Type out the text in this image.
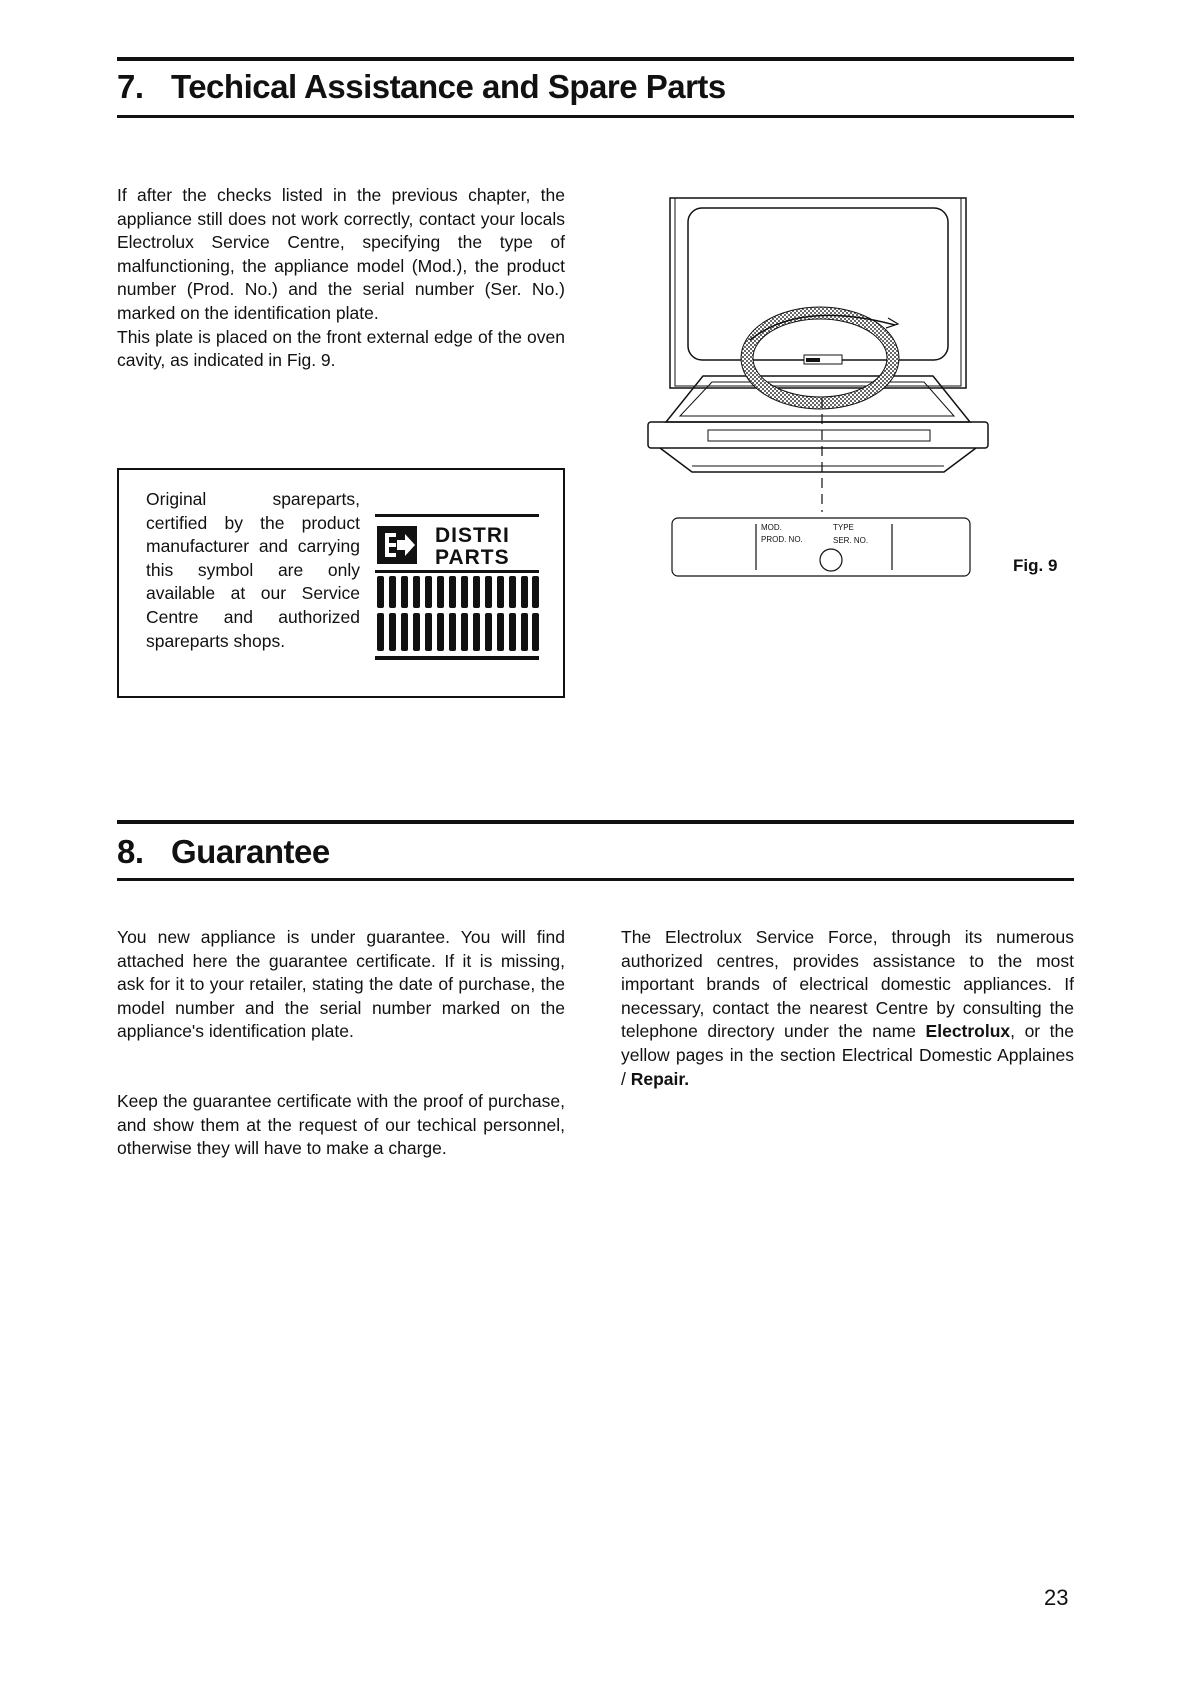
7. Techical Assistance and Spare Parts

If after the checks listed in the previous chapter, the appliance still does not work correctly, contact your locals Electrolux Service Centre, specifying the type of malfunctioning, the appliance model (Mod.), the product number (Prod. No.) and the serial number (Ser. No.) marked on the identification plate.

This plate is placed on the front external edge of the oven cavity, as indicated in Fig. 9.

Original spareparts, certified by the product manufacturer and carrying this symbol are only available at our Service Centre and authorized spareparts shops.

DISTRI
PARTS
MOD.
PROD. NO.
TYPE
SER. NO.

Fig. 9

8. Guarantee

You new appliance is under guarantee. You will find attached here the guarantee certificate. If it is missing, ask for it to your retailer, stating the date of purchase, the model number and the serial number marked on the appliance's identification plate.

Keep the guarantee certificate with the proof of purchase, and show them at the request of our techical personnel, otherwise they will have to make a charge.

The Electrolux Service Force, through its numerous authorized centres, provides assistance to the most important brands of electrical domestic appliances. If necessary, contact the nearest Centre by consulting the telephone directory under the name Electrolux, or the yellow pages in the section Electrical Domestic Applaines / Repair.

23
